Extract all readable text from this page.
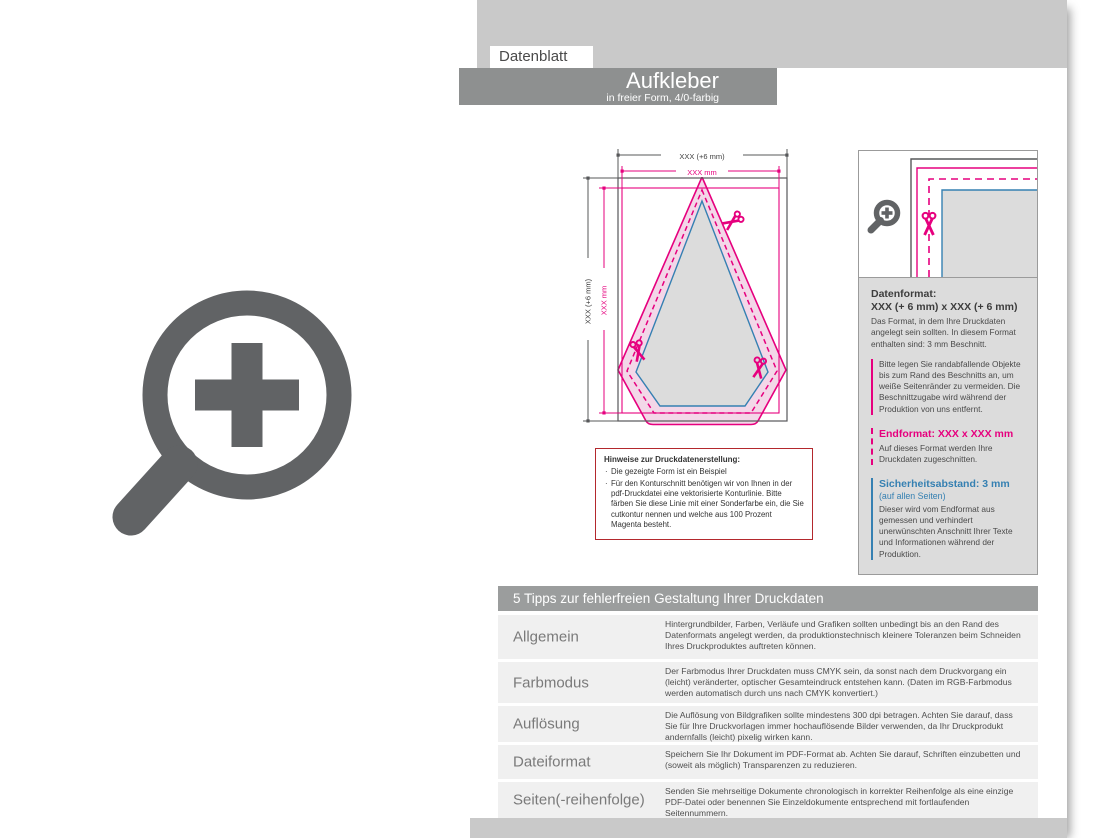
Datenblatt
Aufkleber
in freier Form, 4/0-farbig
XXX (+6 mm)
XXX mm
XXX (+6 mm) XXX mm
Hinweise zur Druckdatenerstellung:
· Die gezeigte Form ist ein Beispiel
· Für den Konturschnitt benötigen wir von Ihnen in der pdf-Druckdatei eine vektorisierte Konturlinie. Bitte färben Sie diese Linie mit einer Sonderfarbe ein, die Sie cutkontur nennen und welche aus 100 Prozent Magenta besteht.
Datenformat:
XXX (+ 6 mm) x XXX (+ 6 mm)
Das Format, in dem Ihre Druckdaten angelegt sein sollten. In diesem Format enthalten sind: 3 mm Beschnitt.
Bitte legen Sie randabfallende Objekte bis zum Rand des Beschnitts an, um weiße Seitenränder zu vermeiden. Die Beschnittzugabe wird während der Produktion von uns entfernt.
Endformat: XXX x XXX mm
Auf dieses Format werden Ihre Druckdaten zugeschnitten.
Sicherheitsabstand: 3 mm
(auf allen Seiten)
Dieser wird vom Endformat aus gemessen und verhindert unerwünschten Anschnitt Ihrer Texte und Informationen während der Produktion.
5 Tipps zur fehlerfreien Gestaltung Ihrer Druckdaten
Allgemein
Hintergrundbilder, Farben, Verläufe und Grafiken sollten unbedingt bis an den Rand des Datenformats angelegt werden, da produktionstechnisch kleinere Toleranzen beim Schneiden Ihres Druckproduktes auftreten können.
Farbmodus
Der Farbmodus Ihrer Druckdaten muss CMYK sein, da sonst nach dem Druckvorgang ein (leicht) veränderter, optischer Gesamteindruck entstehen kann. (Daten im RGB-Farbmodus werden automatisch durch uns nach CMYK konvertiert.)
Auflösung
Die Auflösung von Bildgrafiken sollte mindestens 300 dpi betragen. Achten Sie darauf, dass Sie für Ihre Druckvorlagen immer hochauflösende Bilder verwenden, da Ihr Druckprodukt andernfalls (leicht) pixelig wirken kann.
Dateiformat	Speichern Sie Ihr Dokument im PDF-Format ab. Achten Sie darauf, Schriften einzubetten und (soweit als möglich) Transparenzen zu reduzieren.
Seiten(-reihenfolge)
Senden Sie mehrseitige Dokumente chronologisch in korrekter Reihenfolge als eine einzige PDF-Datei oder benennen Sie Einzeldokumente entsprechend mit fortlaufenden Seitennummern.
